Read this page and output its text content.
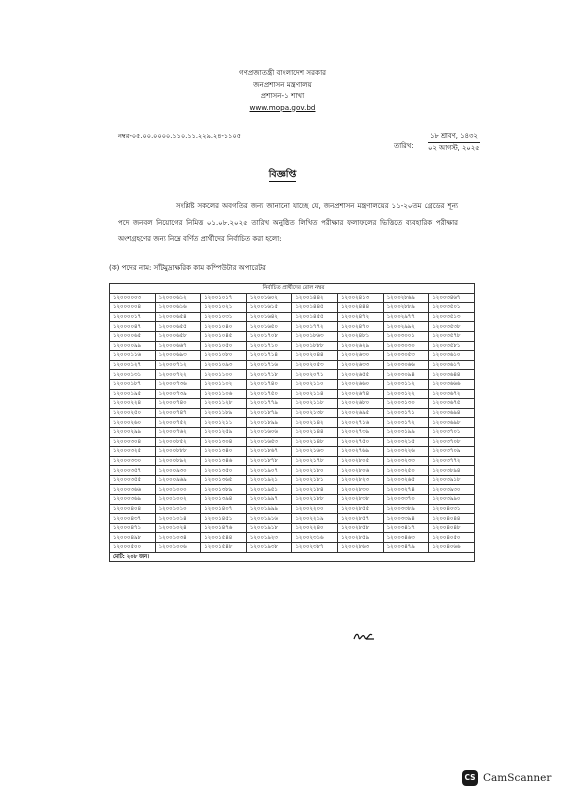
গণপ্রজাতন্ত্রী বাংলাদেশ সরকার
জনপ্রশাসন মন্ত্রণালয়
প্রশাসন-১ শাখা
www.mopa.gov.bd
নম্বর-০৫.০০.০০০০.১১০.১১.২২৯.২৪-১১০৫
তারিখ:
১৮ শ্রাবণ, ১৪৩২
০২ আগস্ট, ২০২৫
বিজ্ঞপ্তি
সংশ্লিষ্ট সকলের অবগতির জন্য জানানো যাচ্ছে যে, জনপ্রশাসন মন্ত্রণালয়ের ১১-২০তম গ্রেডের শূন্য পদে জনবল নিয়োগের নিমিত্ত ০১.০৮.২০২৫ তারিখ অনুষ্ঠিত লিখিত পরীক্ষার ফলাফলের ভিত্তিতে ব্যবহারিক পরীক্ষার অংশগ্রহণের জন্য নিম্নে বর্ণিত প্রার্থীদের নির্বাচিত করা হলো:
(ক) পদের নাম: সাঁটমুদ্রাক্ষরিক কাম কম্পিউটার অপারেটর
নির্বাচিত প্রার্থীদের রোল নম্বর							
১২০০০০০৩	১২০০০৬১২	১২০০১০১৭	১২০০১৬০২	১২০০১৪৪২	১২০০২৪১৩	১২০০২৮৬৯	১২০০৩৪৬৭
১২০০০০০৪	১২০০০৬১৬	১২০০১০২১	১২০০১৬১৫	১২০০১৪৪৫	১২০০২৪৪৪	১২০০২৮৮৯	১২০০৩৫০১
১২০০০০১৭	১২০০০৬৫৪	১২০০১০৩১	১২০০১৬৪২	১২০০১৪৫৫	১২০০২৪৭২	১২০০২৯৭৭	১২০০৩৫১৩
১২০০০০৪৭	১২০০০৬৫৫	১২০০১০৪০	১২০০১৬৫০	১২০০১৭৭২	১২০০২৪৭০	১২০০২৯৯২	১২০০৩৫৩৮
১২০০০০৬৫	১২০০০৬৫৮	১২০০১০৪৫	১২০০১৭০৮	১২০০১৮৬৩	১২০০২৪৮১	১২০০৩০০১	১২০০৩৫৭৮
১২০০০০৯৯	১২০০০৬৬৭	১২০০১০৫০	১২০০১৭১০	১২০০১৮৮৮	১২০০২৬২৯	১২০০৩০৩০	১২০০৩৫৮১
১২০০০১১৬	১২০০০৬৯৩	১২০০১০৮০	১২০০১৭১৪	১২০০২০৪৪	১২০০২৬৩০	১২০০৩০৫৩	১২০০৩৬১০
১২০০০১২৭	১২০০০৭১২	১২০০১০৯৩	১২০০১৭১৬	১২০০২০৫৩	১২০০২৬৩৩	১২০০৩০৬৬	১২০০৩৬১৭
১২০০০১৩১	১২০০০৭২২	১২০০১১০০	১২০০১৭১৮	১২০০২০৭১	১২০০২৬৫৫	১২০০৩০৯৪	১২০০৩৬৪৪
১২০০০১৮৭	১২০০০৭৩৬	১২০০১১০২	১২০০১৭৪০	১২০০২১১০	১২০০২৬৬০	১২০০৩১১২	১২০০৩৬৬৬
১২০০০১৯৫	১২০০০৭৩৯	১২০০১১০৬	১২০০১৭৫০	১২০০২১১৪	১২০০২৬৭৪	১২০০৩১২২	১২০০৩৬৭২
১২০০০২২৪	১২০০০৭৪০	১২০০১১২৮	১২০০১৭৭৯	১২০০২১১৮	১২০০২৬৮০	১২০০৩১৩০	১২০০৩৬৭৫
১২০০০২৫০	১২০০০৭৪৭	১২০০১১৮৯	১২০০১৮৭৯	১২০০২১৩৮	১২০০২৬৯৫	১২০০৩১৭১	১২০০৩৬৯৪
১২০০০২৬০	১২০০০৭৫২	১২০০১২১১	১২০০১৮৯৯	১২০০২১৪২	১২০০২৭১৬	১২০০৩১৭২	১২০০৩৬৯৮
১২০০০২৯৯	১২০০০৭৬২	১২০০১২৫৯	১২০০১৬০৬	১২০০২১৪৪	১২০০২৭৩৯	১২০০৩১৯৯	১২০০৩৭০১
১২০০০৩০৪	১২০০০৮৫২	১২০০১৩০৪	১২০০১৬৫৩	১২০০২১৪৮	১২০০২৭৫০	১২০০৩২১৫	১২০০৩৭০৮
১২০০০৩২৫	১২০০০৮৮৮	১২০০১৩৪০	১২০০১৮৬৭	১২০০২১৬৩	১২০০২৭৬৯	১২০০৩২২৬	১২০০৩৭০৯
১২০০০৩৩০	১২০০০৮৯২	১২০০১৩৪৬	১২০০১৮৭৮	১২০০২১৭৮	১২০০২৮০৫	১২০০৩২৩৩	১২০০৩৭৭২
১২০০০৩৫৭	১২০০০৯৩০	১২০০১৩৫০	১২০০১৯০৭	১২০০২১৮০	১২০০২৮০৬	১২০০৩২৫০	১২০০৩৮৯৪
১২০০০৩৫৫	১২০০০৯৬৯	১২০০১৩৬৫	১২০০১৯২১	১২০০২১৮১	১২০০২৮২৩	১২০০৩২৬৫	১২০০৩৯১৮
১২০০০৩৬৬	১২০০১০০০	১২০০১৩৮৯	১২০০১৯৫১	১২০০২১৮৪	১২০০২৮৩০	১২০০৩২৭৪	১২০০৩৯৩০
১২০০০৩৬৯	১২০০১০০২	১২০০১৩৯৪	১২০০১৯৯৭	১২০০২১৮৮	১২০০২৮৩৮	১২০০৩৩৭০	১২০০৩৯৯০
১২০০০৪০৪	১২০০১০১০	১২০০১৪০৭	১২০০১৯৯৯	১২০০২২০০	১২০০২৮৫৫	১২০০৩৩৮৯	১২০০৪০৩১
১২০০০৪৩৭	১২০০১০১৪	১২০০১৪৫১	১২০০১৯১৬	১২০০২২১৯	১২০০২৮৫৭	১২০০৩৩৯৪	১২০০৪০৪৪
১২০০০৪৭১	১২০০১০২৪	১২০০১৪৭৬	১২০০১৯১৮	১২০০২২৪০	১২০০২৮৫৮	১২০০৩৪১৭	১২০০৪০৪৮
১২০০০৪৯৮	১২০০১০৩৪	১২০০১৫৪৪	১২০০১৯২৩	১২০০২৩১৬	১২০০২৮৫৯	১২০০৩৪৬৩	১২০০৪০৫০
১২০০০৫০০	১২০০১০০৬	১২০০১৫৪৮	১২০০১৯৩৮	১২০০২৩৮৭	১২০০২৮৬৩	১২০০৩৪৭৯	১২০০৪০৬৬
মোট: ২০৮ জন।							
CS CamScanner
